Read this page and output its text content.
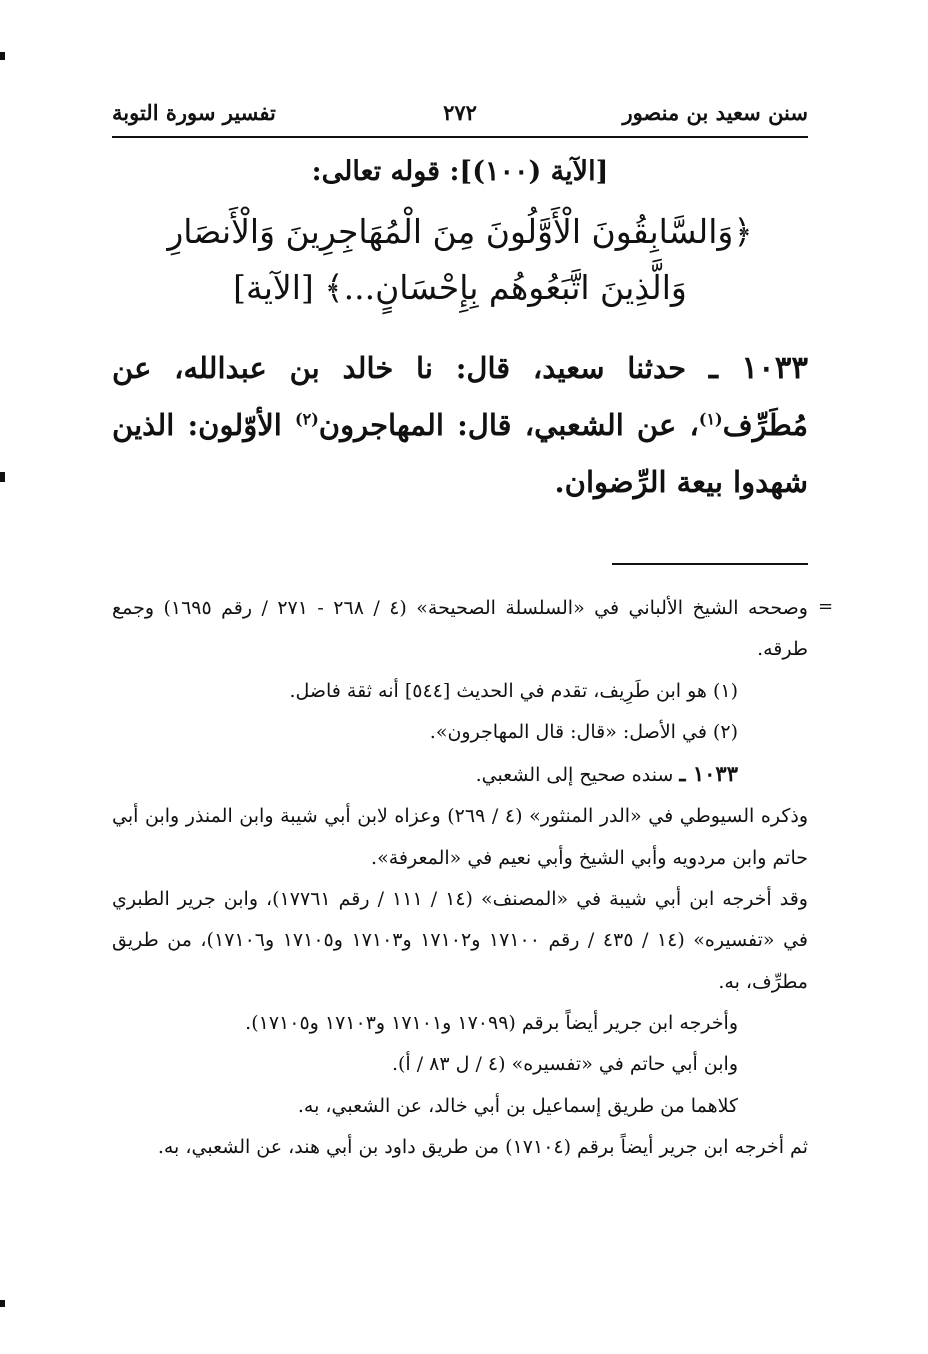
سنن سعيد بن منصور
٢٧٢
تفسير سورة التوبة
[الآية (١٠٠)]: قوله تعالى:
﴿وَالسَّابِقُونَ الْأَوَّلُونَ مِنَ الْمُهَاجِرِينَ وَالْأَنصَارِ
وَالَّذِينَ اتَّبَعُوهُم بِإِحْسَانٍ...﴾ [الآية]
١٠٣٣ ـ حدثنا سعيد، قال: نا خالد بن عبدالله، عن مُطَرِّف$^{(١)}$، عن الشعبي، قال: المهاجرون$^{(٢)}$ الأوّلون: الذين شهدوا بيعة الرِّضوان.
=

وصححه الشيخ الألباني في «السلسلة الصحيحة» (٤ / ٢٦٨ - ٢٧١ / رقم ١٦٩٥) وجمع طرقه.

(١) هو ابن طَرِيف، تقدم في الحديث [٥٤٤] أنه ثقة فاضل.

(٢) في الأصل: «قال: قال المهاجرون».

١٠٣٣ ـ سنده صحيح إلى الشعبي.

وذكره السيوطي في «الدر المنثور» (٤ / ٢٦٩) وعزاه لابن أبي شيبة وابن المنذر وابن أبي حاتم وابن مردويه وأبي الشيخ وأبي نعيم في «المعرفة».

وقد أخرجه ابن أبي شيبة في «المصنف» (١٤ / ١١١ / رقم ١٧٧٦١)، وابن جرير الطبري في «تفسيره» (١٤ / ٤٣٥ / رقم ١٧١٠٠ و١٧١٠٢ و١٧١٠٣ و١٧١٠٥ و١٧١٠٦)، من طريق مطرِّف، به.

وأخرجه ابن جرير أيضاً برقم (١٧٠٩٩ و١٧١٠١ و١٧١٠٣ و١٧١٠٥).

وابن أبي حاتم في «تفسيره» (٤ / ل ٨٣ / أ).

كلاهما من طريق إسماعيل بن أبي خالد، عن الشعبي، به.

ثم أخرجه ابن جرير أيضاً برقم (١٧١٠٤) من طريق داود بن أبي هند، عن الشعبي، به.
